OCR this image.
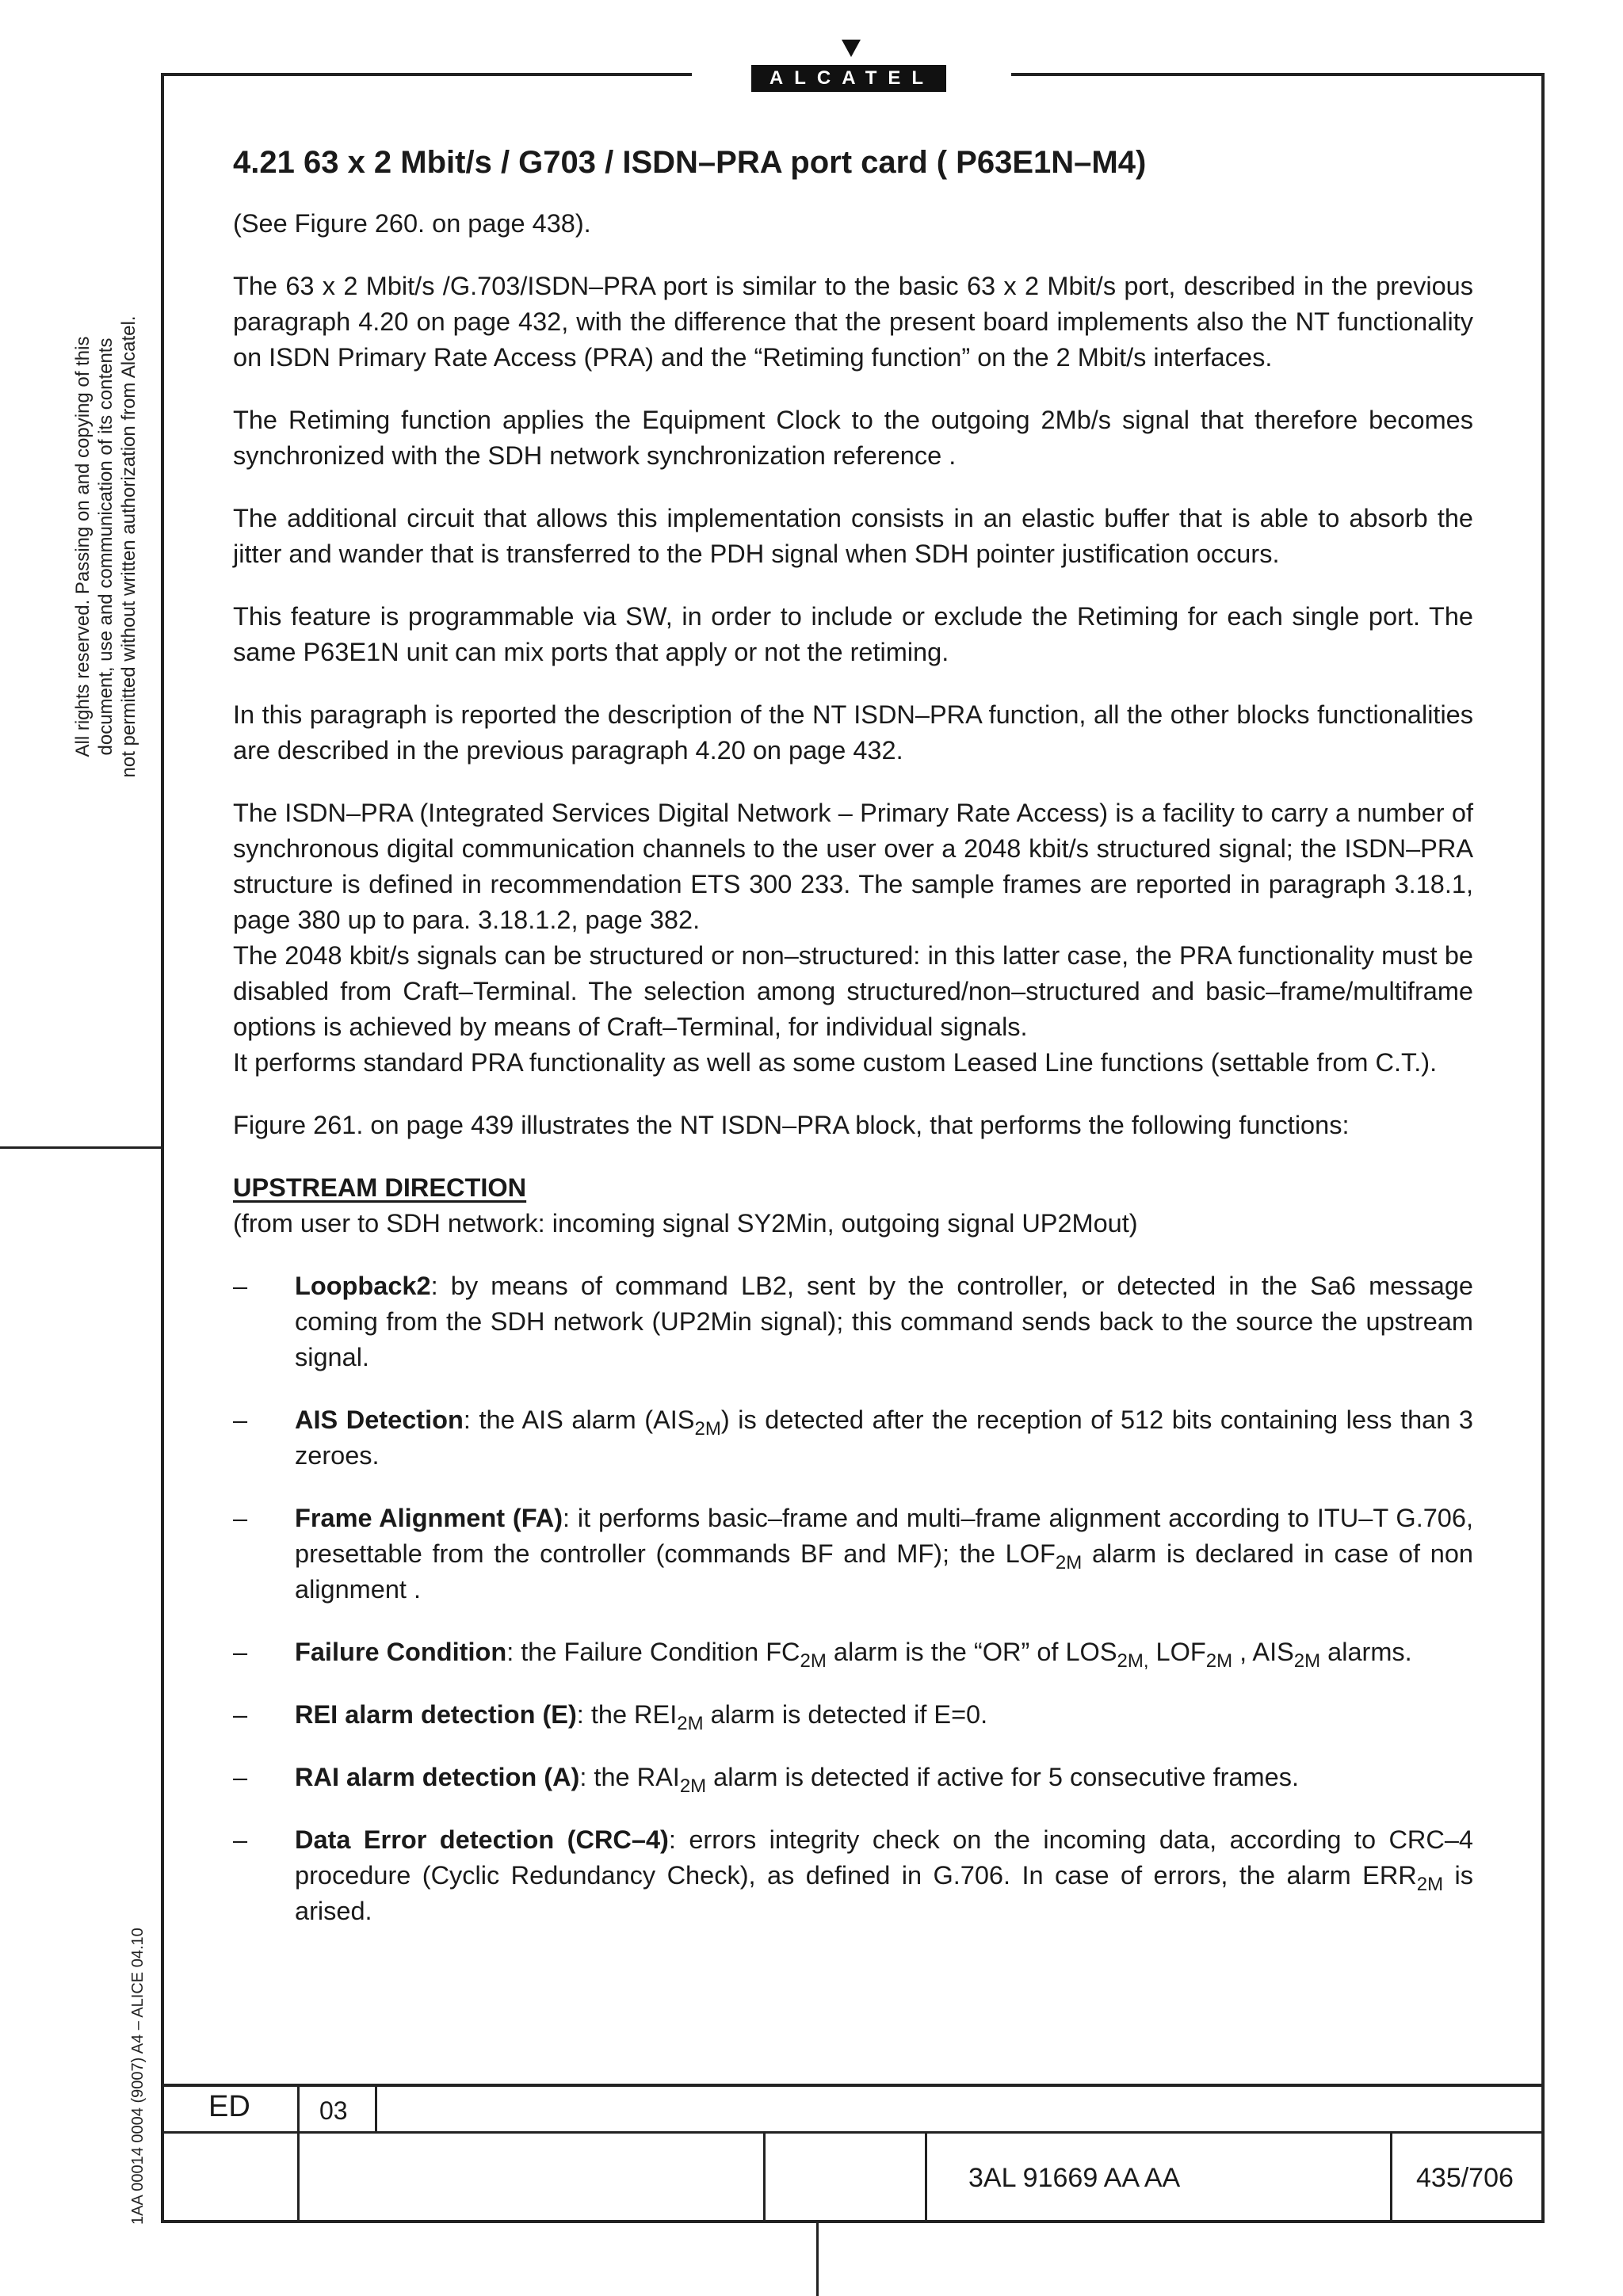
ALCATEL
All rights reserved. Passing on and copying of this document, use and communication of its contents not permitted without written authorization from Alcatel.
1AA 00014 0004 (9007) A4 – ALICE 04.10
4.21 63 x 2 Mbit/s / G703 / ISDN–PRA port card ( P63E1N–M4)

(See Figure 260. on page 438).

The 63 x 2 Mbit/s /G.703/ISDN–PRA port is similar to the basic 63 x 2 Mbit/s port, described in the previous paragraph 4.20 on page 432, with the difference that the present board implements also the NT functionality on ISDN Primary Rate Access (PRA) and the “Retiming function” on the 2 Mbit/s interfaces.

The Retiming function applies the Equipment Clock to the outgoing 2Mb/s signal that therefore becomes synchronized with the SDH network synchronization reference .

The additional circuit that allows this implementation consists in an elastic buffer that is able to absorb the jitter and wander that is transferred to the PDH signal when SDH pointer justification occurs.

This feature is programmable via SW, in order to include or exclude the Retiming for each single port. The same P63E1N unit can mix ports that apply or not the retiming.

In this paragraph is reported the description of the NT ISDN–PRA function, all the other blocks functionalities are described in the previous paragraph 4.20 on page 432.

The ISDN–PRA (Integrated Services Digital Network – Primary Rate Access) is a facility to carry a number of synchronous digital communication channels to the user over a 2048 kbit/s structured signal; the ISDN–PRA structure is defined in recommendation ETS 300 233. The sample frames are reported in paragraph 3.18.1, page 380 up to para. 3.18.1.2, page 382.

The 2048 kbit/s signals can be structured or non–structured: in this latter case, the PRA functionality must be disabled from Craft–Terminal. The selection among structured/non–structured and basic–frame/multiframe options is achieved by means of Craft–Terminal, for individual signals.

It performs standard PRA functionality as well as some custom Leased Line functions (settable from C.T.).

Figure 261. on page 439 illustrates the NT ISDN–PRA block, that performs the following functions:

UPSTREAM DIRECTION

(from user to SDH network: incoming signal SY2Min, outgoing signal UP2Mout)

–	Loopback2: by means of command LB2, sent by the controller, or detected in the Sa6 message coming from the SDH network (UP2Min signal); this command sends back to the source the upstream signal.
–	AIS Detection: the AIS alarm $(AIS_{2M})$ is detected after the reception of 512 bits containing less than 3 zeroes.
–	Frame Alignment (FA): it performs basic–frame and multi–frame alignment according to ITU–T G.706, presettable from the controller (commands BF and MF); the $LOF_{2M}$ alarm is declared in case of non alignment .
–	Failure Condition: the Failure Condition $FC_{2M}$ alarm is the “OR” of $LOS_{2M,}$ $LOF_{2M}$ , $AIS_{2M}$ alarms.
–	REI alarm detection (E): the $REI_{2M}$ alarm is detected if E=0.
–	RAI alarm detection (A): the $RAI_{2M}$ alarm is detected if active for 5 consecutive frames.
–	Data Error detection (CRC–4): errors integrity check on the incoming data, according to CRC–4 procedure (Cyclic Redundancy Check), as defined in G.706. In case of errors, the alarm $ERR_{2M}$ is arised.
ED	03
3AL 91669 AA AA	435/706
